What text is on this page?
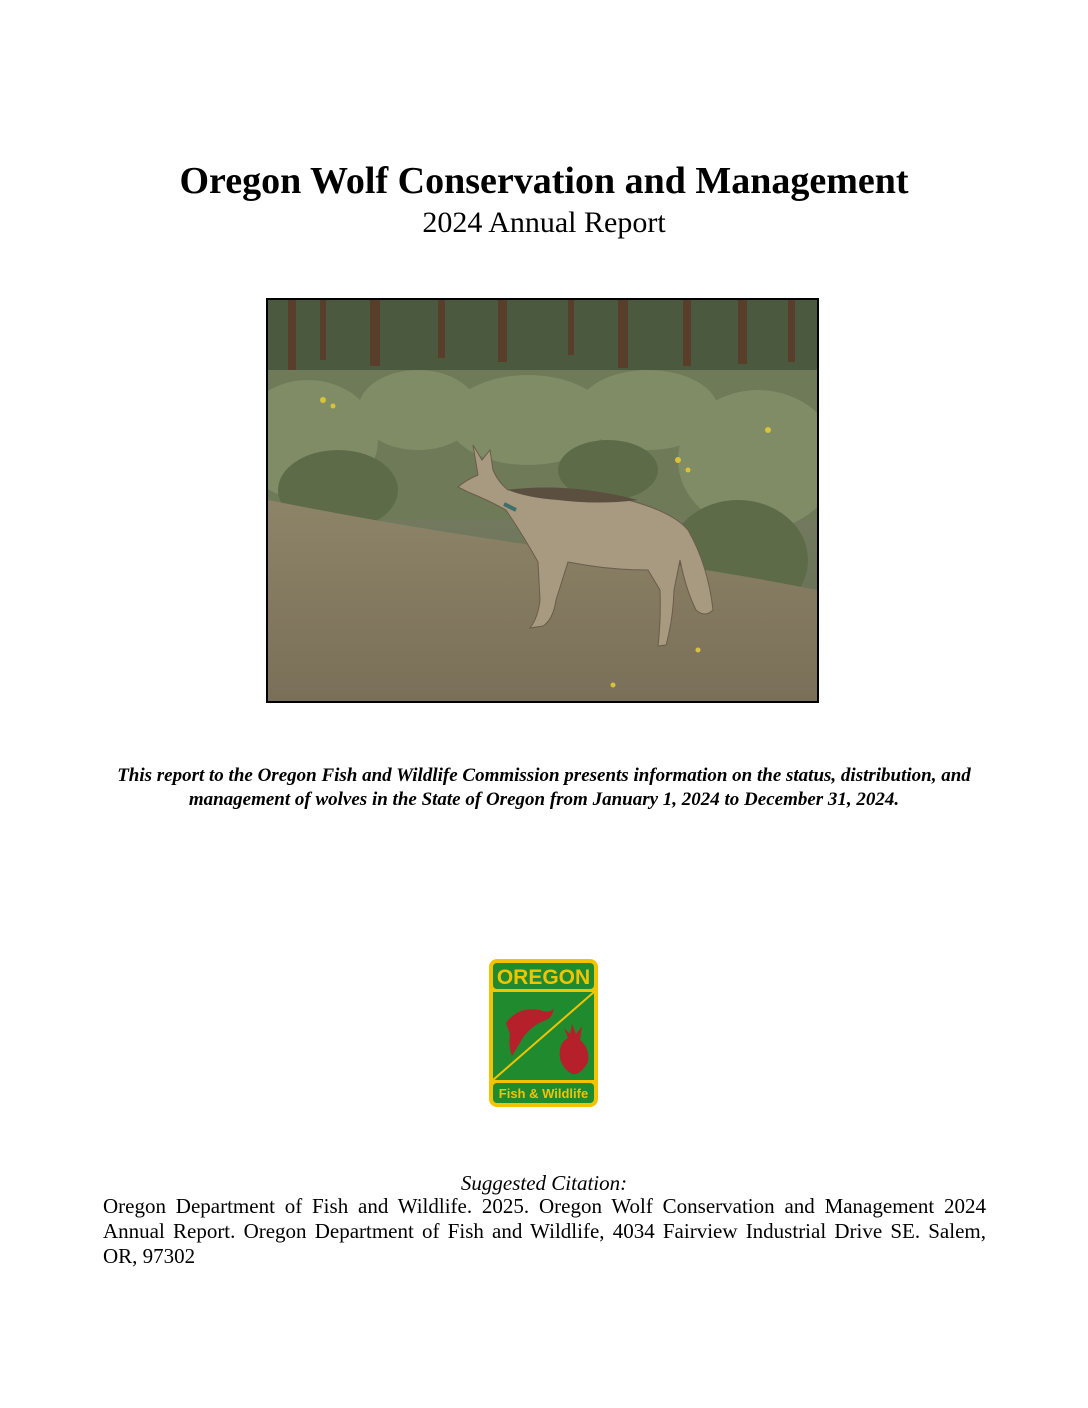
Oregon Wolf Conservation and Management
2024 Annual Report
This report to the Oregon Fish and Wildlife Commission presents information on the status, distribution, and
management of wolves in the State of Oregon from January 1, 2024 to December 31, 2024.
OREGON
Fish & Wildlife
Suggested Citation:
Oregon Department of Fish and Wildlife. 2025. Oregon Wolf Conservation and Management 2024
Annual Report. Oregon Department of Fish and Wildlife, 4034 Fairview Industrial Drive SE. Salem,
OR, 97302
